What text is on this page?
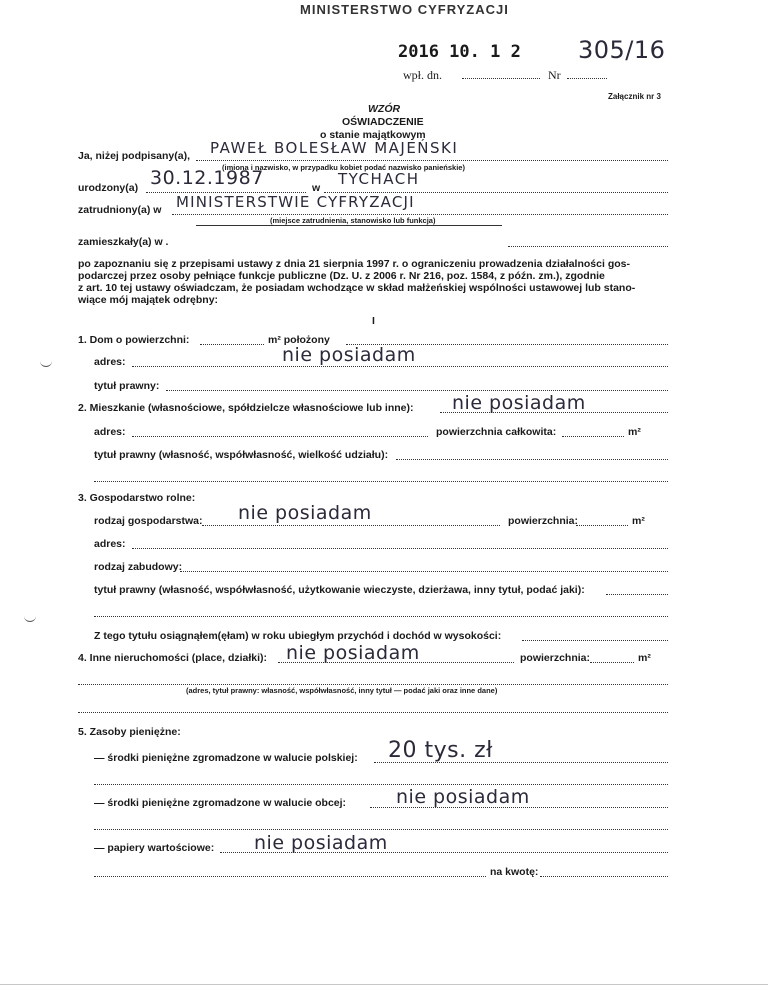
MINISTERSTWO CYFRYZACJI
2016 10. 1 2 305/16
wpł. dn.	Nr
Załącznik nr 3
WZÓR
OŚWIADCZENIE
o stanie majątkowym
Ja, niżej podpisany(a), PAWEŁ BOLESŁAW MAJEŃSKI
(imiona i nazwisko, w przypadku kobiet podać nazwisko panieńskie)
urodzony(a) 30.12.1987	w TYCHACH
zatrudniony(a) w MINISTERSTWIE CYFRYZACJI
(miejsce zatrudnienia, stanowisko lub funkcja)
zamieszkały(a) w .
po zapoznaniu się z przepisami ustawy z dnia 21 sierpnia 1997 r. o ograniczeniu prowadzenia działalności gos-
podarczej przez osoby pełniące funkcje publiczne (Dz. U. z 2006 r. Nr 216, poz. 1584, z późn. zm.), zgodnie
z art. 10 tej ustawy oświadczam, że posiadam wchodzące w skład małżeńskiej wspólności ustawowej lub stano-
wiące mój majątek odrębny:
I
1. Dom o powierzchni:	m² położony
adres:	nie posiadam
tytuł prawny:
2. Mieszkanie (własnościowe, spółdzielcze własnościowe lub inne): nie posiadam
adres:	powierzchnia całkowita:	m²
tytuł prawny (własność, współwłasność, wielkość udziału):
3. Gospodarstwo rolne:
rodzaj gospodarstwa: nie posiadam	powierzchnia:	m²
adres:
rodzaj zabudowy:
tytuł prawny (własność, współwłasność, użytkowanie wieczyste, dzierżawa, inny tytuł, podać jaki):
Z tego tytułu osiągnąłem(ęłam) w roku ubiegłym przychód i dochód w wysokości:
4. Inne nieruchomości (place, działki): nie posiadam	powierzchnia:	m²
(adres, tytuł prawny: własność, współwłasność, inny tytuł — podać jaki oraz inne dane)
5. Zasoby pieniężne:
— środki pieniężne zgromadzone w walucie polskiej: 20 tys. zł
— środki pieniężne zgromadzone w walucie obcej:	nie posiadam
— papiery wartościowe: nie posiadam
na kwotę:
